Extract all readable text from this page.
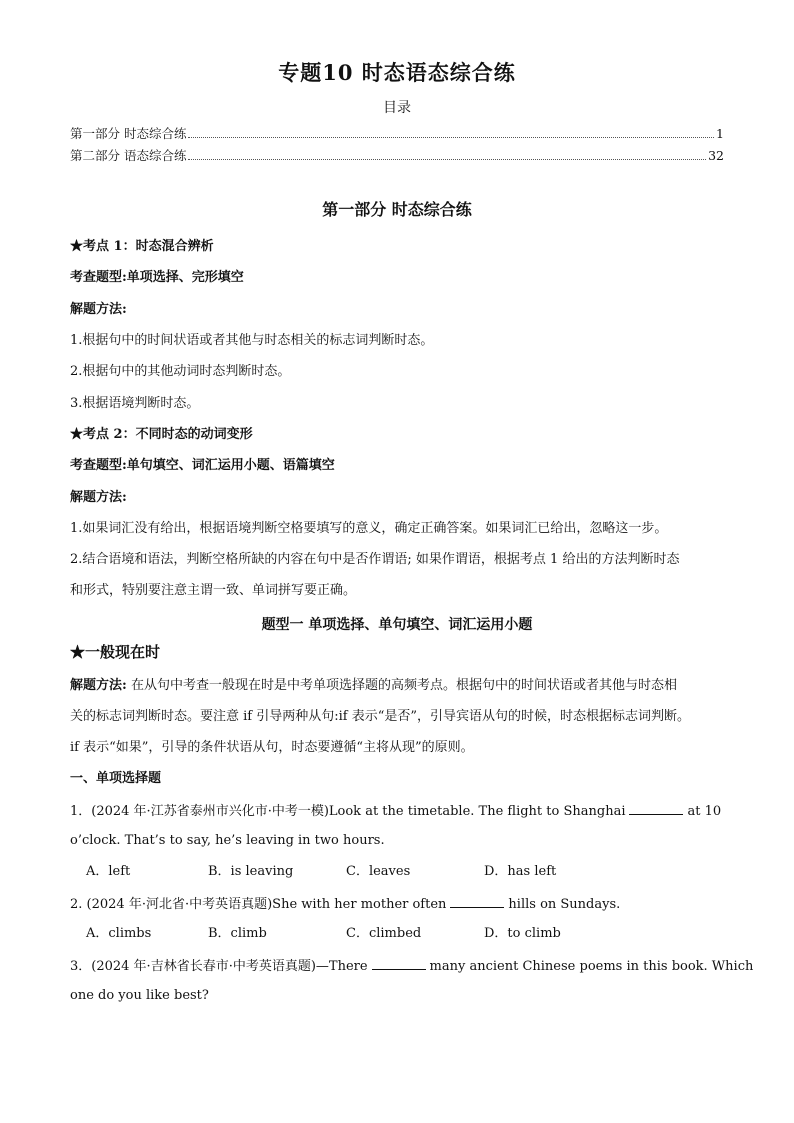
专题10 时态语态综合练
目录
第一部分 时态综合练	1
第二部分 语态综合练	32
第一部分 时态综合练
★考点 1：时态混合辨析
考查题型:单项选择、完形填空
解题方法:
1.根据句中的时间状语或者其他与时态相关的标志词判断时态。
2.根据句中的其他动词时态判断时态。
3.根据语境判断时态。
★考点 2：不同时态的动词变形
考查题型:单句填空、词汇运用小题、语篇填空
解题方法:
1.如果词汇没有给出，根据语境判断空格要填写的意义，确定正确答案。如果词汇已给出，忽略这一步。
2.结合语境和语法，判断空格所缺的内容在句中是否作谓语; 如果作谓语，根据考点 1 给出的方法判断时态
和形式，特别要注意主谓一致、单词拼写要正确。
题型一 单项选择、单句填空、词汇运用小题
★一般现在时
解题方法: 在从句中考查一般现在时是中考单项选择题的高频考点。根据句中的时间状语或者其他与时态相
关的标志词判断时态。要注意 if 引导两种从句:if 表示“是否”，引导宾语从句的时候，时态根据标志词判断。
if 表示“如果”，引导的条件状语从句，时态要遵循“主将从现”的原则。
一、单项选择题
1．(2024 年·江苏省泰州市兴化市·中考一模)Look at the timetable. The flight to Shanghai	at 10
o’clock. That’s to say, he’s leaving in two hours.
A．left	B．is leaving	C．leaves	D．has left
2. (2024 年·河北省·中考英语真题)She with her mother often	hills on Sundays.
A．climbs	B．climb	C．climbed	D．to climb
3．(2024 年·吉林省长春市·中考英语真题)—There	many ancient Chinese poems in this book. Which
one do you like best?
